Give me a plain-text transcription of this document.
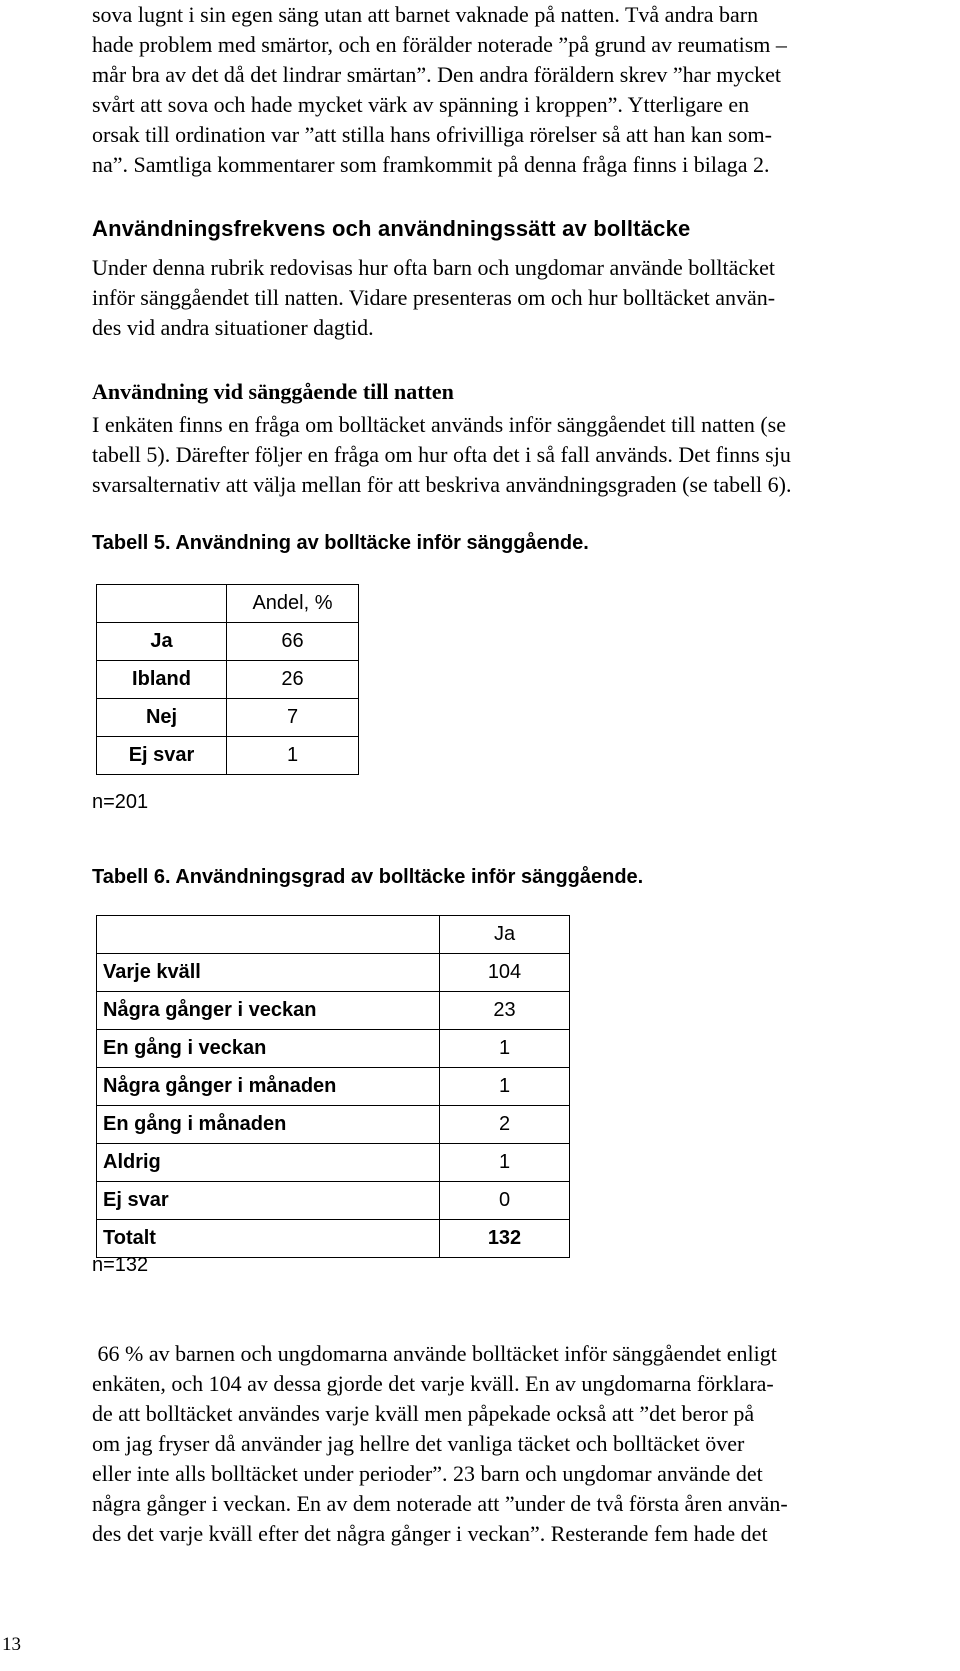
sova lugnt i sin egen säng utan att barnet vaknade på natten. Två andra barn
hade problem med smärtor, och en förälder noterade ”på grund av reumatism –
mår bra av det då det lindrar smärtan”. Den andra föräldern skrev ”har mycket
svårt att sova och hade mycket värk av spänning i kroppen”. Ytterligare en
orsak till ordination var ”att stilla hans ofrivilliga rörelser så att han kan som-
na”. Samtliga kommentarer som framkommit på denna fråga finns i bilaga 2.
Användningsfrekvens och användningssätt av bolltäcke
Under denna rubrik redovisas hur ofta barn och ungdomar använde bolltäcket
inför sänggåendet till natten. Vidare presenteras om och hur bolltäcket använ-
des vid andra situationer dagtid.
Användning vid sänggående till natten
I enkäten finns en fråga om bolltäcket används inför sänggåendet till natten (se
tabell 5). Därefter följer en fråga om hur ofta det i så fall används. Det finns sju
svarsalternativ att välja mellan för att beskriva användningsgraden (se tabell 6).

Tabell 5. Användning av bolltäcke inför sänggående.

	Andel, %
Ja	66
Ibland	26
Nej	7
Ej svar	1

n=201

Tabell 6. Användningsgrad av bolltäcke inför sänggående.

	Ja
Varje kväll	104
Några gånger i veckan	23
En gång i veckan	1
Några gånger i månaden	1
En gång i månaden	2
Aldrig	1
Ej svar	0
Totalt	132

n=132

66 % av barnen och ungdomarna använde bolltäcket inför sänggåendet enligt
enkäten, och 104 av dessa gjorde det varje kväll. En av ungdomarna förklara-
de att bolltäcket användes varje kväll men påpekade också att ”det beror på
om jag fryser då använder jag hellre det vanliga täcket och bolltäcket över
eller inte alls bolltäcket under perioder”. 23 barn och ungdomar använde det
några gånger i veckan. En av dem noterade att ”under de två första åren använ-
des det varje kväll efter det några gånger i veckan”. Resterande fem hade det
13
